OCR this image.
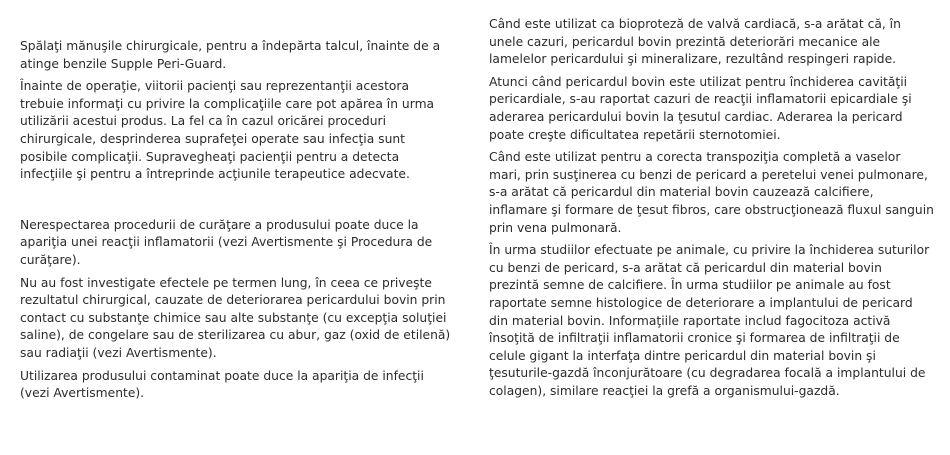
Spălaţi mănuşile chirurgicale, pentru a îndepărta talcul, înainte de a atinge benzile Supple Peri-Guard.

Înainte de operaţie, viitorii pacienţi sau reprezentanţii acestora trebuie informaţi cu privire la complicaţiile care pot apărea în urma utilizării acestui produs. La fel ca în cazul oricărei proceduri chirurgicale, desprinderea suprafeţei operate sau infecţia sunt posibile complicaţii. Supravegheaţi pacienţii pentru a detecta infecţiile şi pentru a întreprinde acţiunile terapeutice adecvate.

Nerespectarea procedurii de curăţare a produsului poate duce la apariţia unei reacţii inflamatorii (vezi Avertismente şi Procedura de curăţare).

Nu au fost investigate efectele pe termen lung, în ceea ce priveşte rezultatul chirurgical, cauzate de deteriorarea pericardului bovin prin contact cu substanţe chimice sau alte substanţe (cu excepţia soluţiei saline), de congelare sau de sterilizarea cu abur, gaz (oxid de etilenă) sau radiaţii (vezi Avertismente).

Utilizarea produsului contaminat poate duce la apariţia de infecţii (vezi Avertismente).

Când este utilizat ca bioproteză de valvă cardiacă, s-a arătat că, în unele cazuri, pericardul bovin prezintă deteriorări mecanice ale lamelelor pericardului şi mineralizare, rezultând respingeri rapide.

Atunci când pericardul bovin este utilizat pentru închiderea cavităţii pericardiale, s-au raportat cazuri de reacţii inflamatorii epicardiale şi aderarea pericardului bovin la ţesutul cardiac. Aderarea la pericard poate creşte dificultatea repetării sternotomiei.

Când este utilizat pentru a corecta transpoziţia completă a vaselor mari, prin susţinerea cu benzi de pericard a peretelui venei pulmonare, s-a arătat că pericardul din material bovin cauzează calcifiere, inflamare şi formare de ţesut fibros, care obstrucţionează fluxul sanguin prin vena pulmonară.

În urma studiilor efectuate pe animale, cu privire la închiderea suturilor cu benzi de pericard, s-a arătat că pericardul din material bovin prezintă semne de calcifiere. În urma studiilor pe animale au fost raportate semne histologice de deteriorare a implantului de pericard din material bovin. Informaţiile raportate includ fagocitoza activă însoţită de infiltraţii inflamatorii cronice şi formarea de infiltraţii de celule gigant la interfaţa dintre pericardul din material bovin şi ţesuturile-gazdă înconjurătoare (cu degradarea focală a implantului de colagen), similare reacţiei la grefă a organismului-gazdă.
